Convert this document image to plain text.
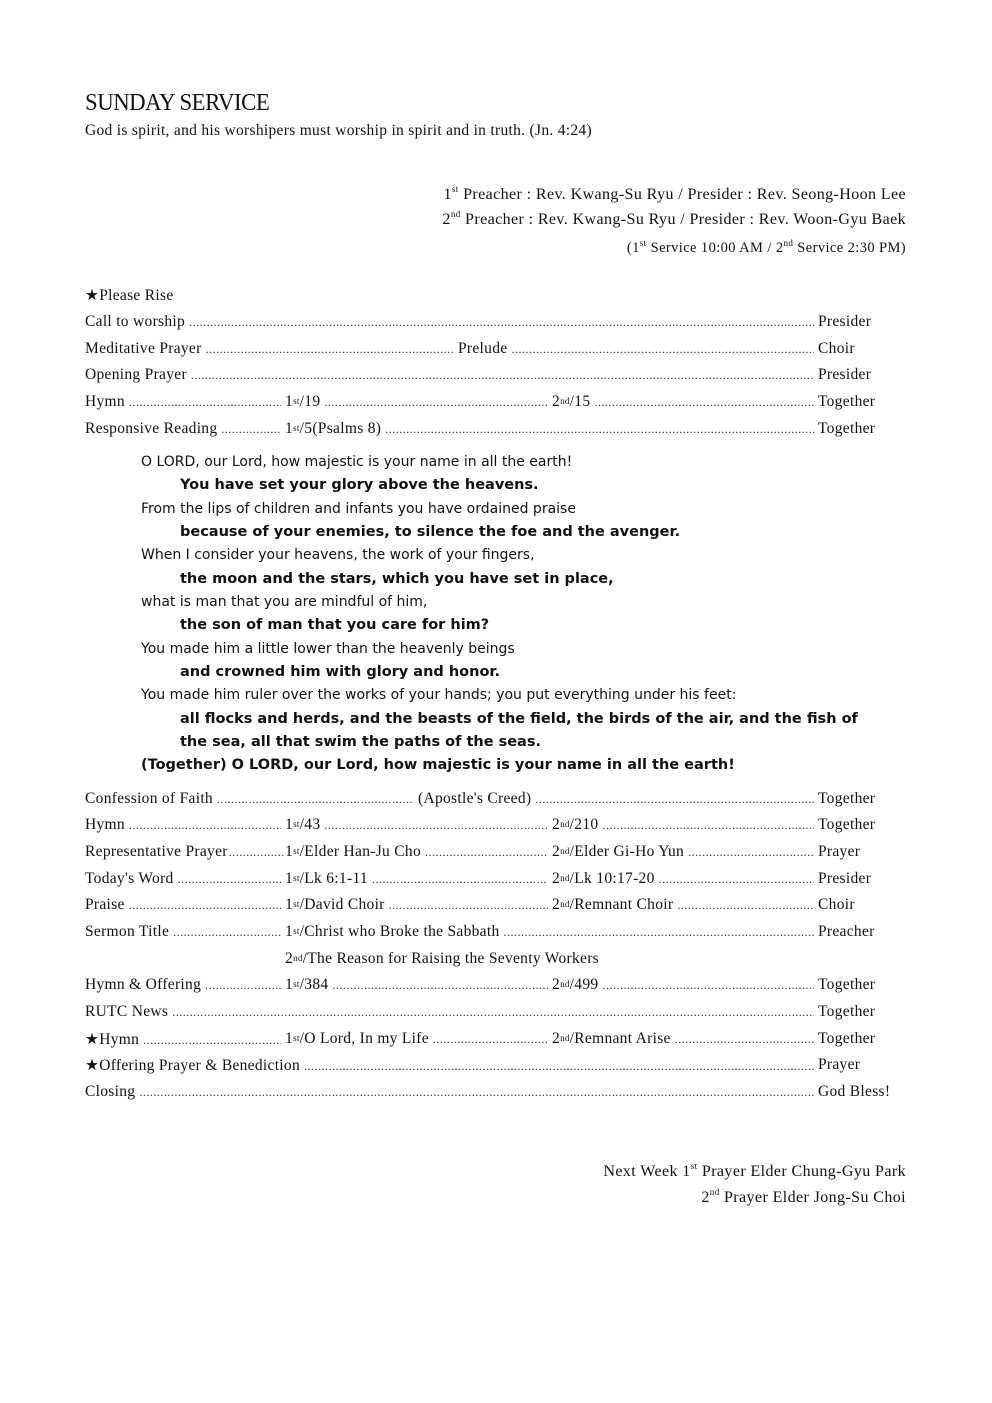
SUNDAY SERVICE
God is spirit, and his worshipers must worship in spirit and in truth. (Jn. 4:24)
1st Preacher : Rev. Kwang-Su Ryu / Presider : Rev. Seong-Hoon Lee
2nd Preacher : Rev. Kwang-Su Ryu / Presider : Rev. Woon-Gyu Baek
(1st Service 10:00 AM / 2nd Service 2:30 PM)
★Please Rise
Call to worship .....	Presider
Meditative Prayer .....	Prelude .....	Choir
Opening Prayer .....	Presider
Hymn .....	1st / 19 .....	2nd / 15 .....	Together
Responsive Reading .....	1st / 5(Psalms 8) .....	Together
O LORD, our Lord, how majestic is your name in all the earth!
You have set your glory above the heavens.
From the lips of children and infants you have ordained praise
because of your enemies, to silence the foe and the avenger.
When I consider your heavens, the work of your fingers,
the moon and the stars, which you have set in place,
what is man that you are mindful of him,
the son of man that you care for him?
You made him a little lower than the heavenly beings
and crowned him with glory and honor.
You made him ruler over the works of your hands; you put everything under his feet:
all flocks and herds, and the beasts of the field, the birds of the air, and the fish of
the sea, all that swim the paths of the seas.
(Together) O LORD, our Lord, how majestic is your name in all the earth!
Confession of Faith .....	(Apostle's Creed) .....	Together
Hymn .....	1st / 43 .....	2nd / 210 .....	Together
Representative Prayer .....	1st / Elder Han-Ju Cho .....	2nd / Elder Gi-Ho Yun .....	Prayer
Today's Word .....	1st / Lk 6:1-11 .....	2nd / Lk 10:17-20 .....	Presider
Praise .....	1st / David Choir .....	2nd / Remnant Choir .....	Choir
Sermon Title .....	1st / Christ who Broke the Sabbath .....	Preacher
2nd / The Reason for Raising the Seventy Workers
Hymn & Offering .....	1st / 384 .....	2nd / 499 .....	Together
RUTC News .....	Together
★Hymn .....	1st / O Lord, In my Life .....	2nd / Remnant Arise .....	Together
★Offering Prayer & Benediction .....	Prayer
Closing .....	God Bless!
Next Week 1st Prayer Elder Chung-Gyu Park
2nd Prayer Elder Jong-Su Choi
